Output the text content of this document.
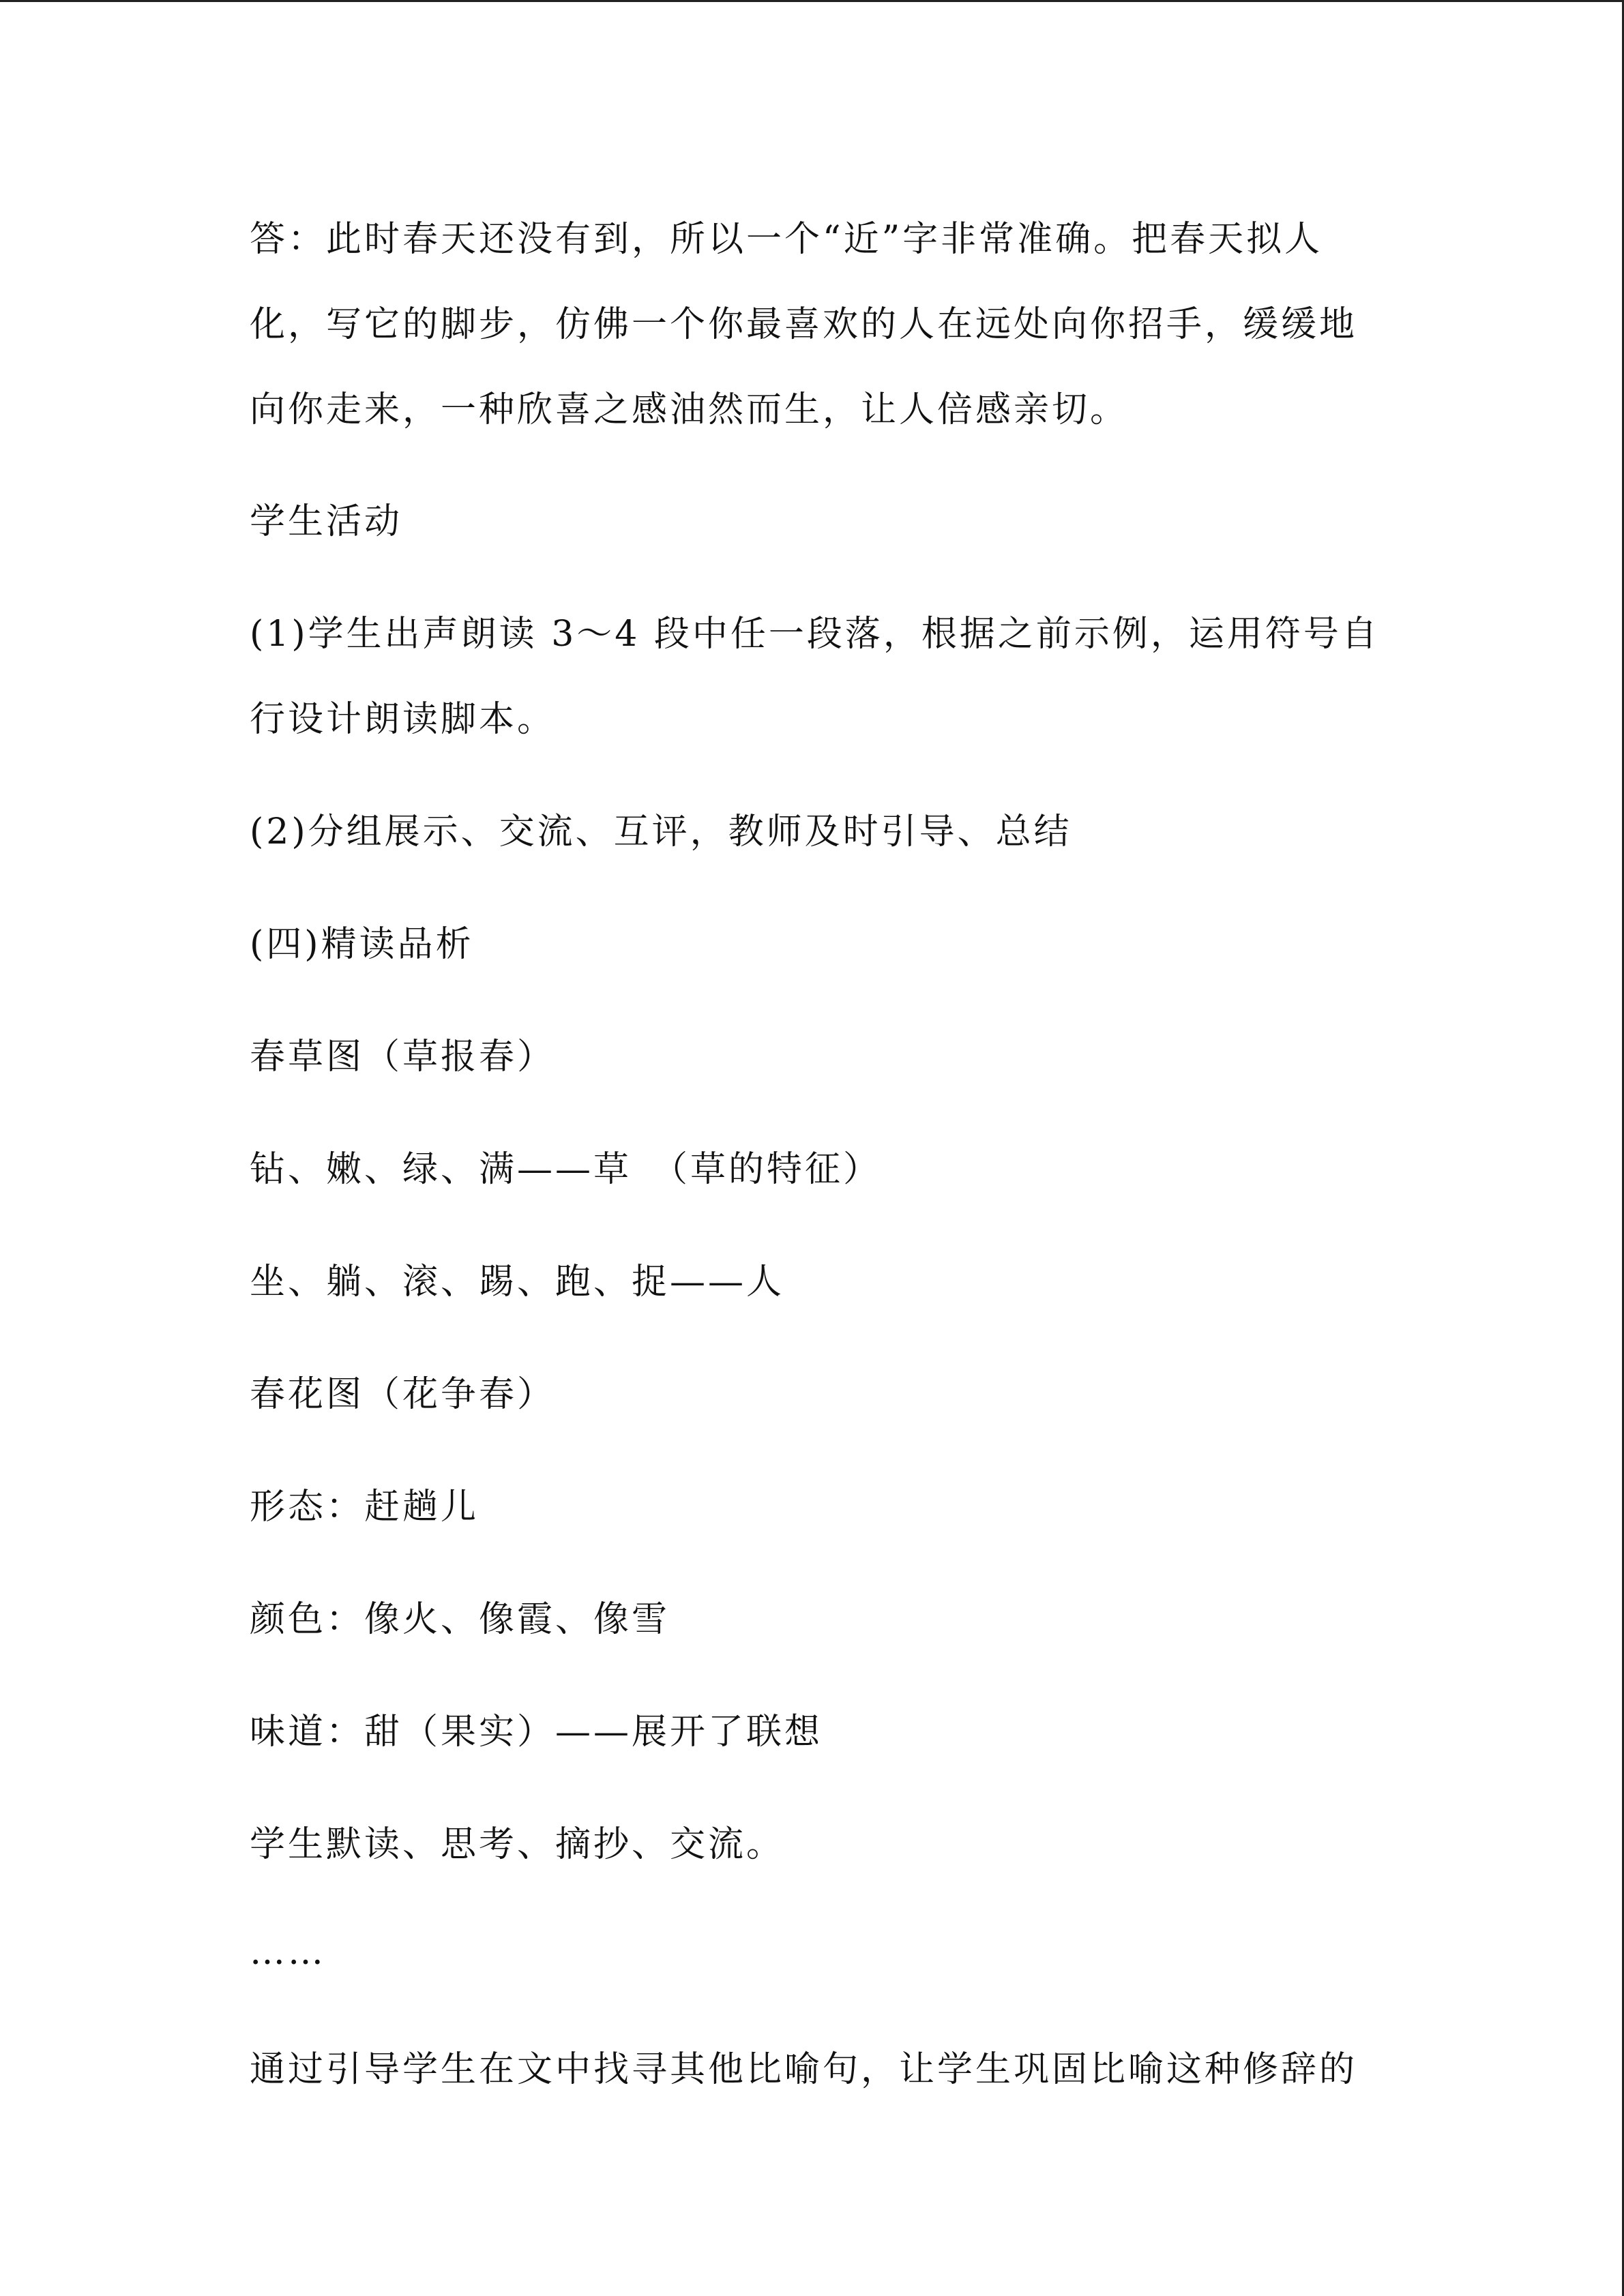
答：此时春天还没有到，所以一个“近”字非常准确。把春天拟人
化，写它的脚步，仿佛一个你最喜欢的人在远处向你招手，缓缓地
向你走来，一种欣喜之感油然而生，让人倍感亲切。
学生活动
(1)学生出声朗读 3～4 段中任一段落，根据之前示例，运用符号自
行设计朗读脚本。
(2)分组展示、交流、互评，教师及时引导、总结
(四)精读品析
春草图（草报春）
钻、嫩、绿、满——草　（草的特征）
坐、躺、滚、踢、跑、捉——人
春花图（花争春）
形态：赶趟儿
颜色：像火、像霞、像雪
味道：甜（果实）——展开了联想
学生默读、思考、摘抄、交流。
……
通过引导学生在文中找寻其他比喻句，让学生巩固比喻这种修辞的
